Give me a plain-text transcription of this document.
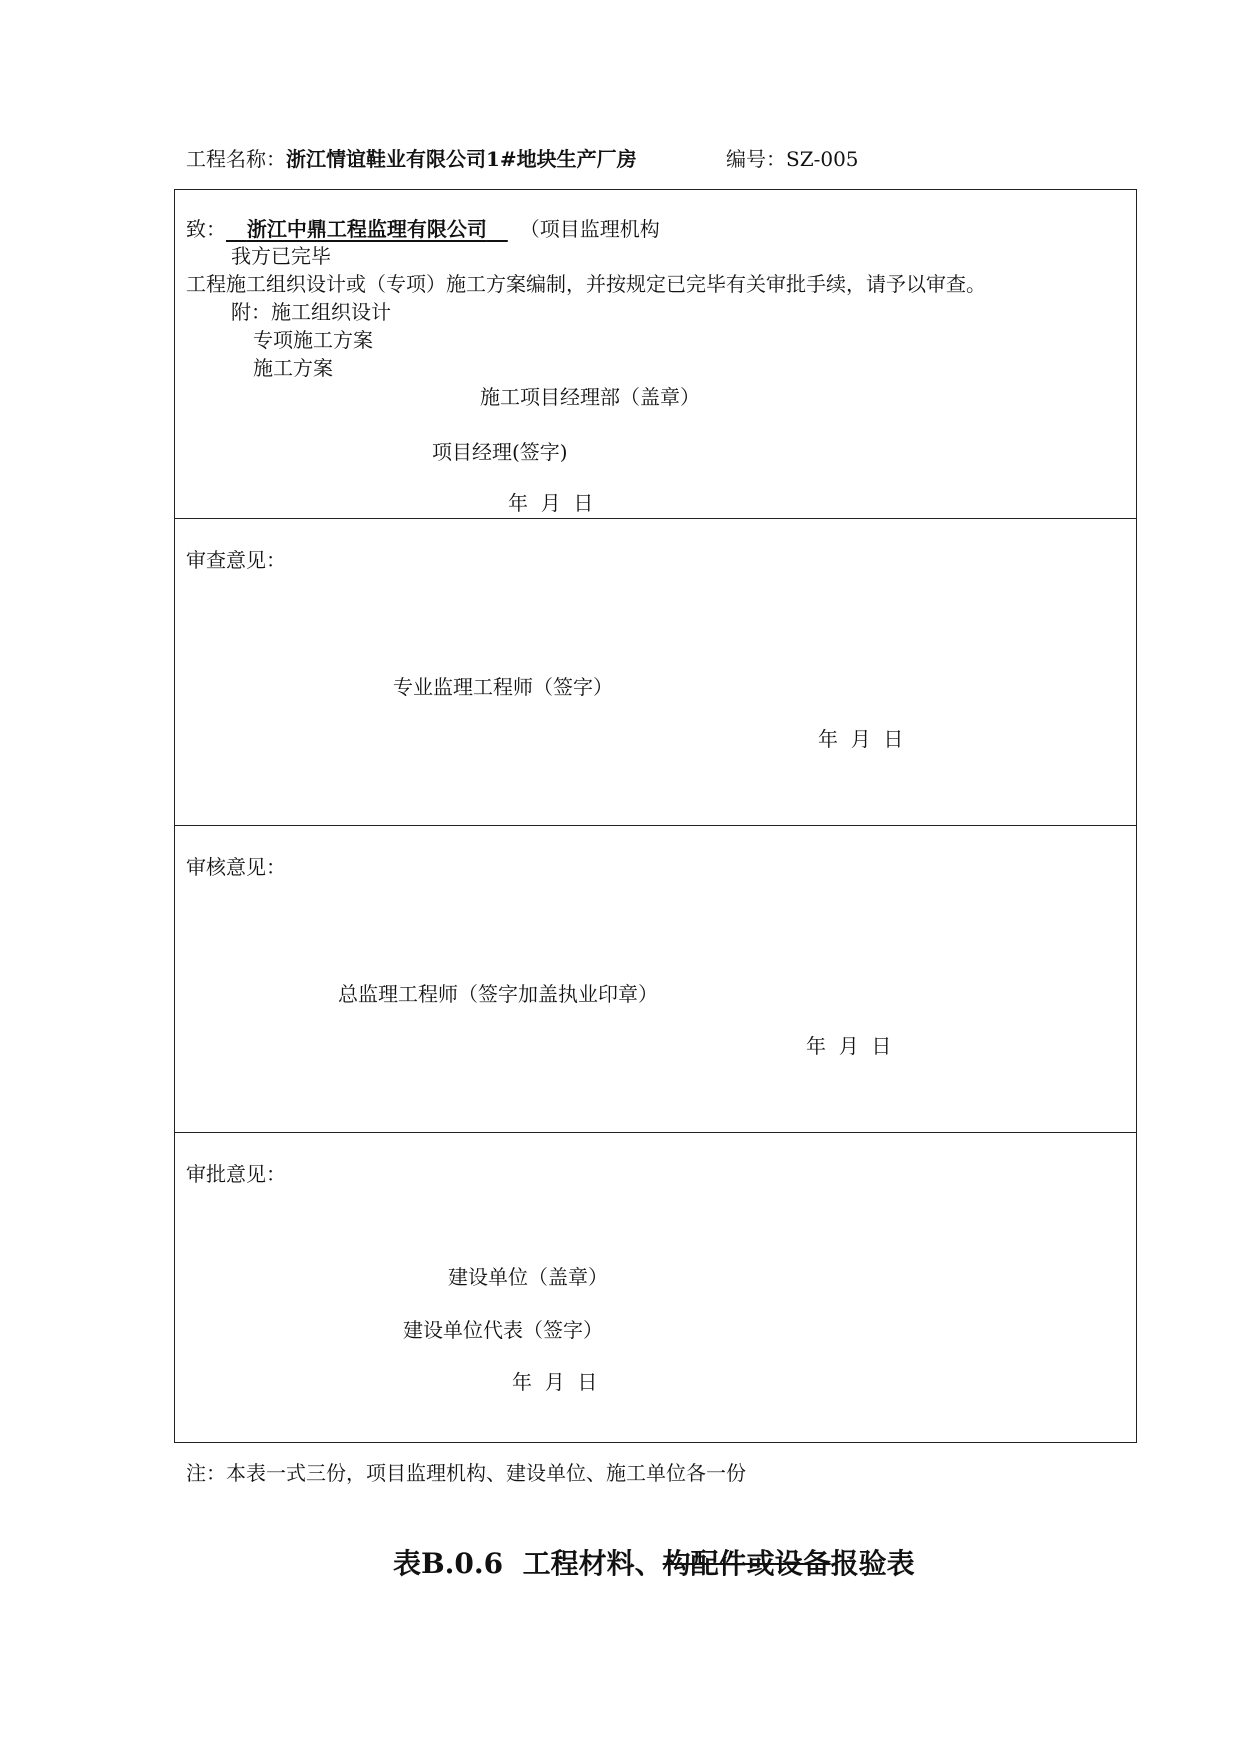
工程名称：浙江情谊鞋业有限公司1#地块生产厂房	编号：SZ-005
致： 浙江中鼎工程监理有限公司 （项目监理机构
我方已完毕
工程施工组织设计或（专项）施工方案编制，并按规定已完毕有关审批手续，请予以审查。
附：施工组织设计
专项施工方案
施工方案
施工项目经理部（盖章）
项目经理(签字)
年  月  日
审查意见：
专业监理工程师（签字）
年  月  日
审核意见：
总监理工程师（签字加盖执业印章）
年  月  日
审批意见：
建设单位（盖章）
建设单位代表（签字）
年  月  日
注：本表一式三份，项目监理机构、建设单位、施工单位各一份
表B.0.6  工程材料、构配件或设备报验表
